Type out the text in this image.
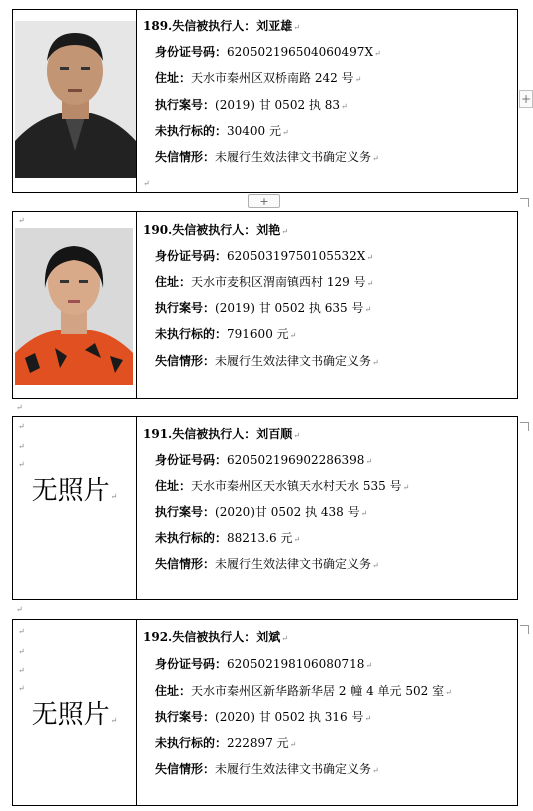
189.失信被执行人：刘亚雄↵
身份证号码：620502196504060497X↵
住址：天水市秦州区双桥南路 242 号↵
执行案号：(2019) 甘 0502 执 83↵
未执行标的：30400 元↵
失信情形：未履行生效法律文书确定义务↵
↵
+
+
↵
190.失信被执行人：刘艳↵
身份证号码：62050319750105532X↵
住址：天水市麦积区渭南镇西村 129 号↵
执行案号：(2019) 甘 0502 执 635 号↵
未执行标的：791600 元↵
失信情形：未履行生效法律文书确定义务↵
↵
↵
↵
↵
无照片↵
191.失信被执行人：刘百顺↵
身份证号码：620502196902286398↵
住址：天水市秦州区天水镇天水村天水 535 号↵
执行案号：(2020)甘 0502 执 438 号↵
未执行标的：88213.6 元↵
失信情形：未履行生效法律文书确定义务↵
↵
↵
↵
↵
↵
无照片↵
192.失信被执行人：刘斌↵
身份证号码：620502198106080718↵
住址：天水市秦州区新华路新华居 2 幢 4 单元 502 室↵
执行案号：(2020) 甘 0502 执 316 号↵
未执行标的：222897 元↵
失信情形：未履行生效法律文书确定义务↵
